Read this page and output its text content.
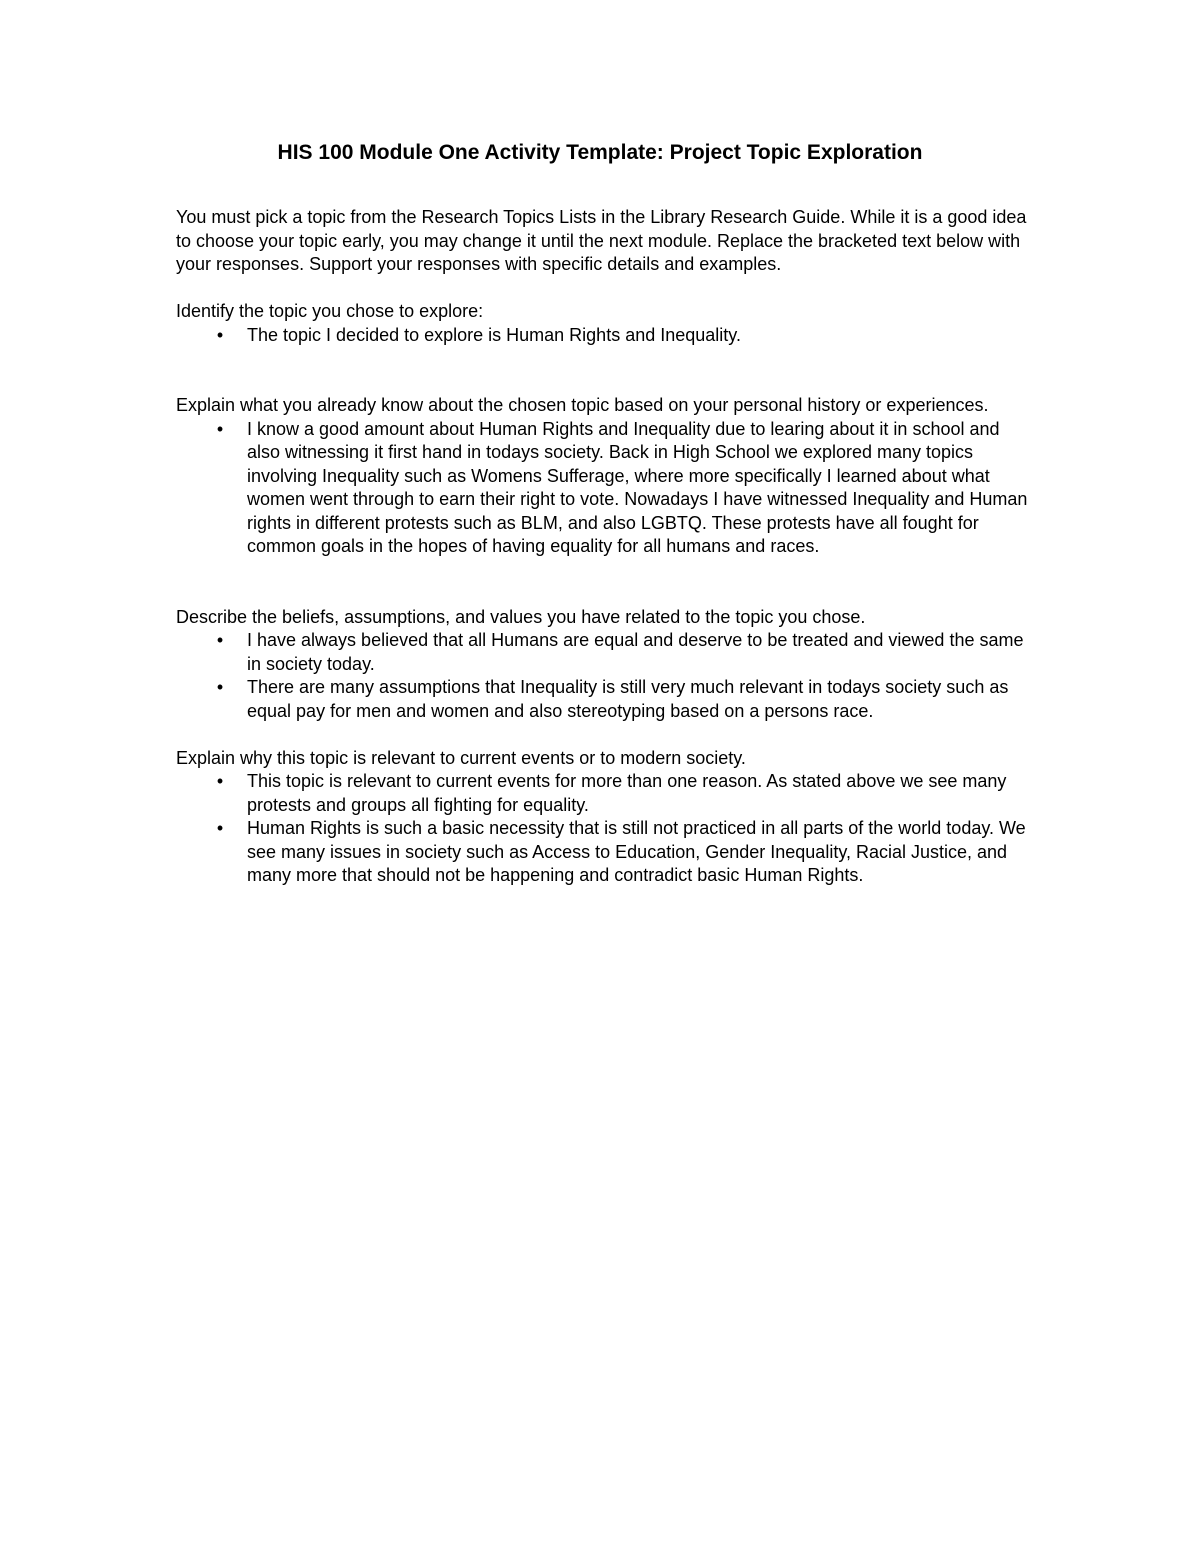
HIS 100 Module One Activity Template: Project Topic Exploration

You must pick a topic from the Research Topics Lists in the Library Research Guide. While it is a good idea to choose your topic early, you may change it until the next module. Replace the bracketed text below with your responses. Support your responses with specific details and examples.

Identify the topic you chose to explore:

• The topic I decided to explore is Human Rights and Inequality.

Explain what you already know about the chosen topic based on your personal history or experiences.

• I know a good amount about Human Rights and Inequality due to learing about it in school and also witnessing it first hand in todays society. Back in High School we explored many topics involving Inequality such as Womens Sufferage, where more specifically I learned about what women went through to earn their right to vote. Nowadays I have witnessed Inequality and Human rights in different protests such as BLM, and also LGBTQ. These protests have all fought for common goals in the hopes of having equality for all humans and races.

Describe the beliefs, assumptions, and values you have related to the topic you chose.

• I have always believed that all Humans are equal and deserve to be treated and viewed the same in society today.
• There are many assumptions that Inequality is still very much relevant in todays society such as equal pay for men and women and also stereotyping based on a persons race.

Explain why this topic is relevant to current events or to modern society.

• This topic is relevant to current events for more than one reason. As stated above we see many protests and groups all fighting for equality.
• Human Rights is such a basic necessity that is still not practiced in all parts of the world today. We see many issues in society such as Access to Education, Gender Inequality, Racial Justice, and many more that should not be happening and contradict basic Human Rights.
